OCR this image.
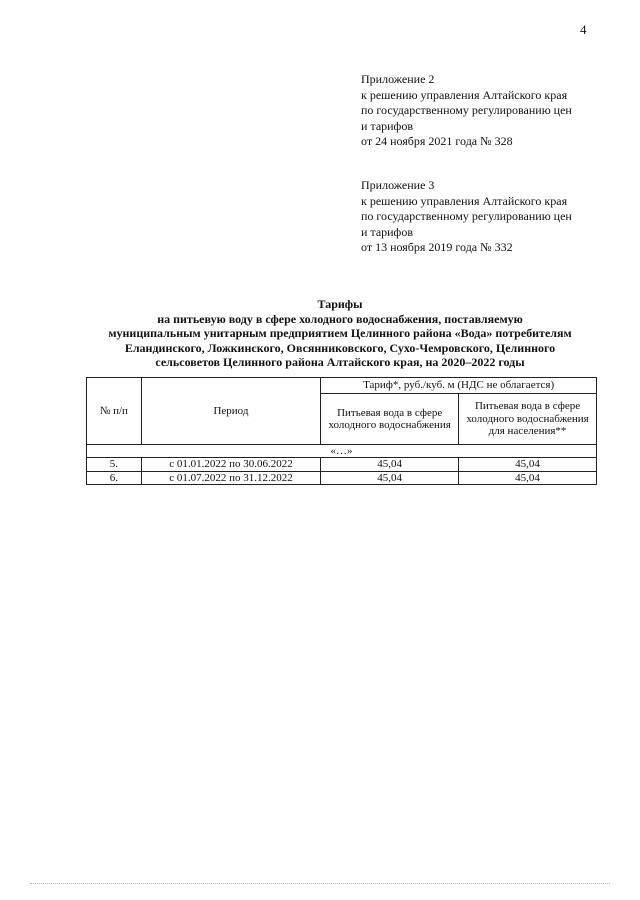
4
Приложение 2
к решению управления Алтайского края
по государственному регулированию цен
и тарифов
от 24 ноября 2021 года № 328
Приложение 3
к решению управления Алтайского края
по государственному регулированию цен
и тарифов
от 13 ноября 2019 года № 332
Тарифы
на питьевую воду в сфере холодного водоснабжения, поставляемую
муниципальным унитарным предприятием Целинного района «Вода» потребителям
Еландинского, Ложкинского, Овсянниковского, Сухо-Чемровского, Целинного
сельсоветов Целинного района Алтайского края, на 2020–2022 годы
№ п/п	Период	Тариф*, руб./куб. м (НДС не облагается)	
		Питьевая вода в сфере холодного водоснабжения	Питьевая вода в сфере холодного водоснабжения для населения**
«…»			
5.	с 01.01.2022 по 30.06.2022	45,04	45,04
6.	с 01.07.2022 по 31.12.2022	45,04	45,04
